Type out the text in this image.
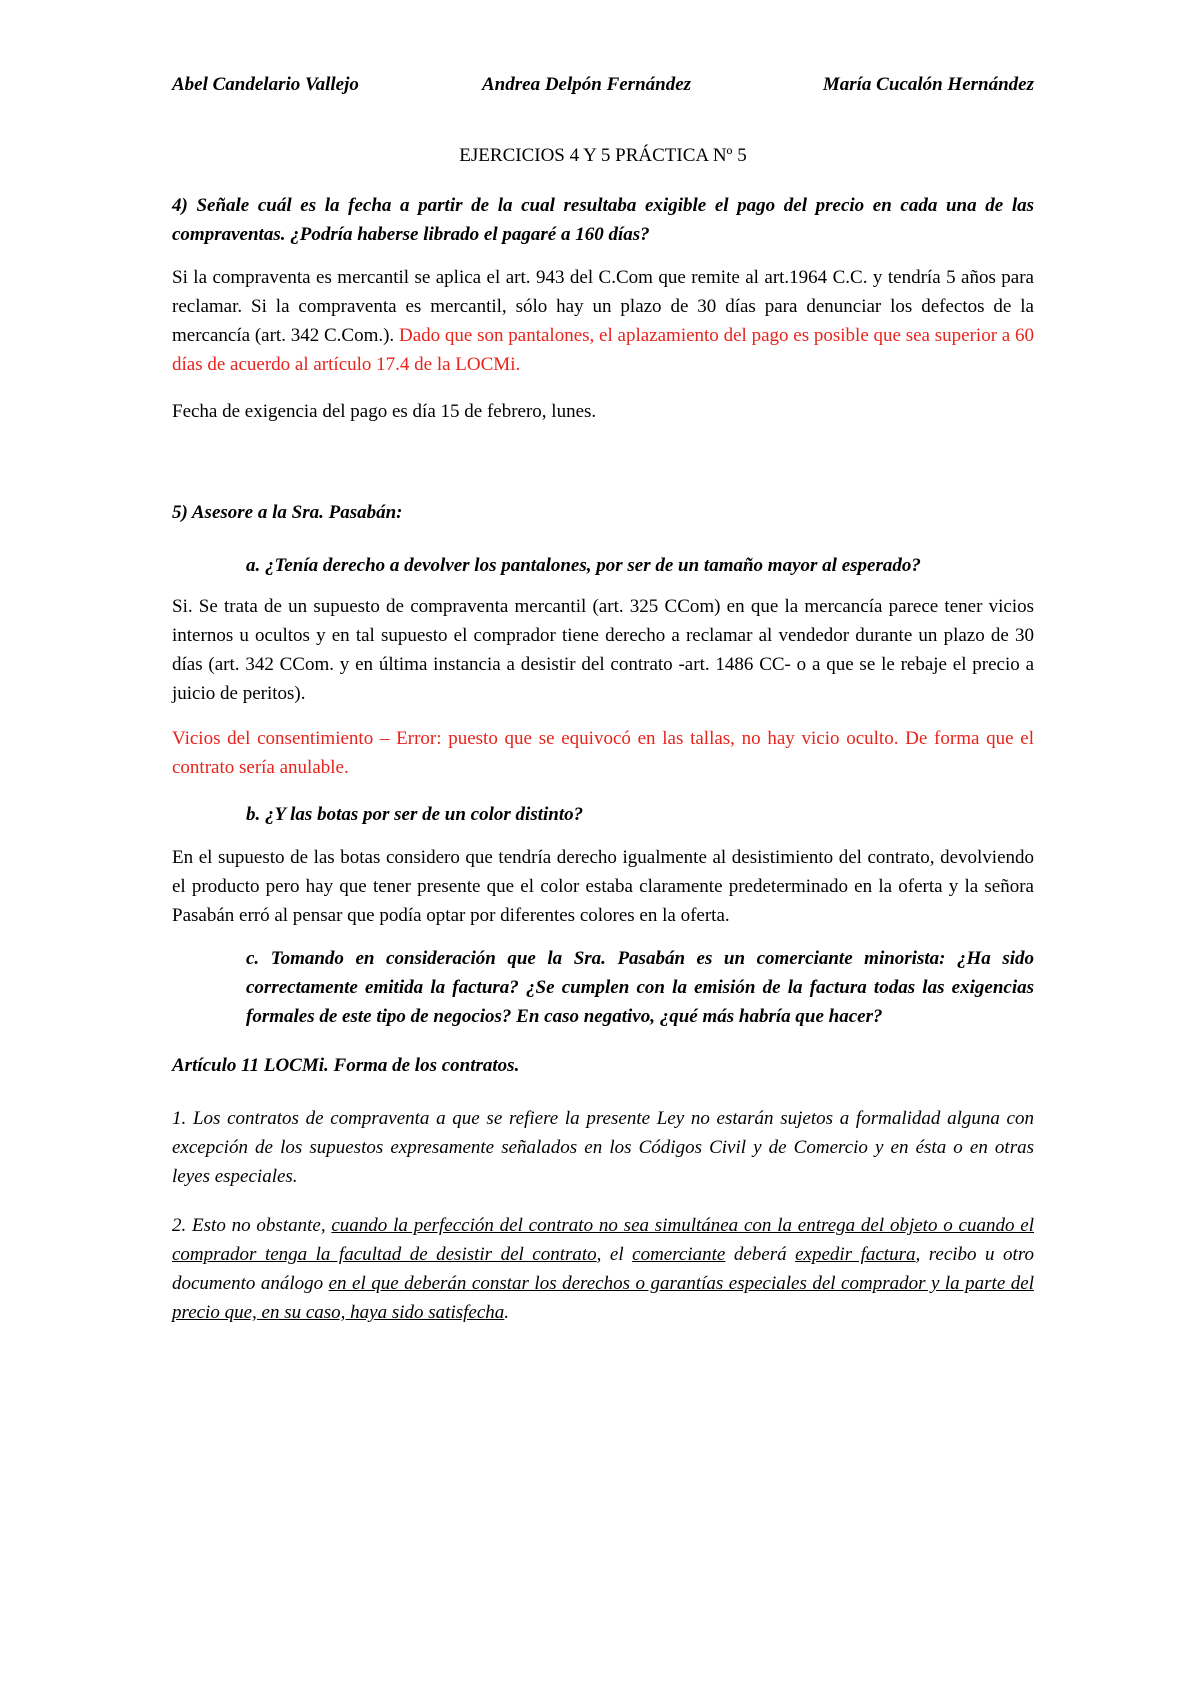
Abel Candelario Vallejo	Andrea Delpón Fernández	María Cucalón Hernández
EJERCICIOS 4 Y 5 PRÁCTICA Nº 5

4) Señale cuál es la fecha a partir de la cual resultaba exigible el pago del precio en cada una de las compraventas. ¿Podría haberse librado el pagaré a 160 días?

Si la compraventa es mercantil se aplica el art. 943 del C.Com que remite al art.1964 C.C. y tendría 5 años para reclamar. Si la compraventa es mercantil, sólo hay un plazo de 30 días para denunciar los defectos de la mercancía (art. 342 C.Com.). Dado que son pantalones, el aplazamiento del pago es posible que sea superior a 60 días de acuerdo al artículo 17.4 de la LOCMi.

Fecha de exigencia del pago es día 15 de febrero, lunes.

5) Asesore a la Sra. Pasabán:

a. ¿Tenía derecho a devolver los pantalones, por ser de un tamaño mayor al esperado?

Si. Se trata de un supuesto de compraventa mercantil (art. 325 CCom) en que la mercancía parece tener vicios internos u ocultos y en tal supuesto el comprador tiene derecho a reclamar al vendedor durante un plazo de 30 días (art. 342 CCom. y en última instancia a desistir del contrato -art. 1486 CC- o a que se le rebaje el precio a juicio de peritos).

Vicios del consentimiento – Error: puesto que se equivocó en las tallas, no hay vicio oculto. De forma que el contrato sería anulable.

b. ¿Y las botas por ser de un color distinto?

En el supuesto de las botas considero que tendría derecho igualmente al desistimiento del contrato, devolviendo el producto pero hay que tener presente que el color estaba claramente predeterminado en la oferta y la señora Pasabán erró al pensar que podía optar por diferentes colores en la oferta.

c. Tomando en consideración que la Sra. Pasabán es un comerciante minorista: ¿Ha sido correctamente emitida la factura? ¿Se cumplen con la emisión de la factura todas las exigencias formales de este tipo de negocios? En caso negativo, ¿qué más habría que hacer?

Artículo 11 LOCMi. Forma de los contratos.

1. Los contratos de compraventa a que se refiere la presente Ley no estarán sujetos a formalidad alguna con excepción de los supuestos expresamente señalados en los Códigos Civil y de Comercio y en ésta o en otras leyes especiales.

2. Esto no obstante, cuando la perfección del contrato no sea simultánea con la entrega del objeto o cuando el comprador tenga la facultad de desistir del contrato, el comerciante deberá expedir factura, recibo u otro documento análogo en el que deberán constar los derechos o garantías especiales del comprador y la parte del precio que, en su caso, haya sido satisfecha.
